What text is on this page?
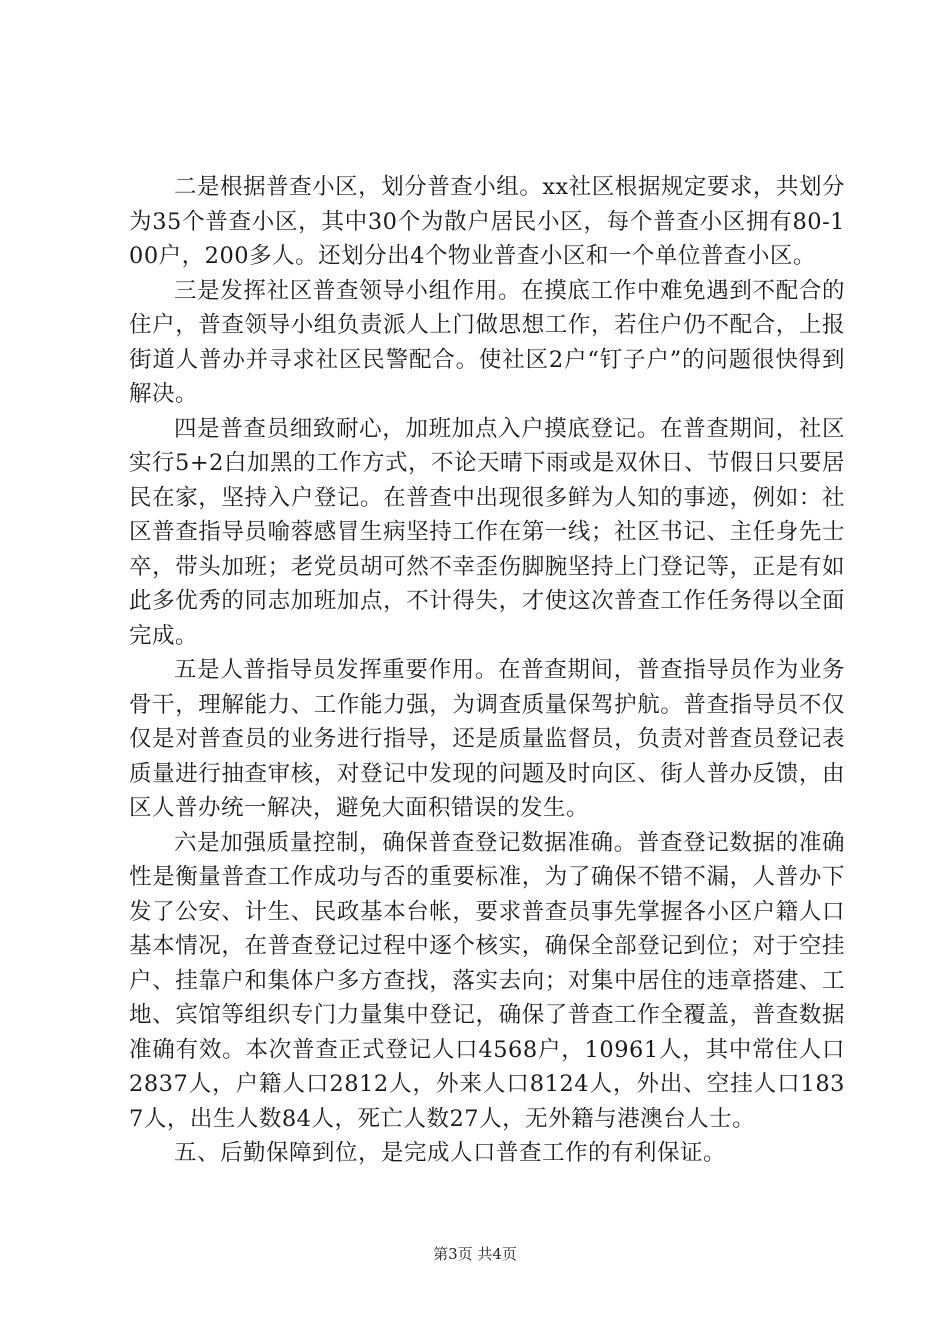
二是根据普查小区，划分普查小组。xx社区根据规定要求，共划分为35个普查小区，其中30个为散户居民小区，每个普查小区拥有80-100户，200多人。还划分出4个物业普查小区和一个单位普查小区。

三是发挥社区普查领导小组作用。在摸底工作中难免遇到不配合的住户，普查领导小组负责派人上门做思想工作，若住户仍不配合，上报街道人普办并寻求社区民警配合。使社区2户“钉子户”的问题很快得到解决。

四是普查员细致耐心，加班加点入户摸底登记。在普查期间，社区实行5+2白加黑的工作方式，不论天晴下雨或是双休日、节假日只要居民在家，坚持入户登记。在普查中出现很多鲜为人知的事迹，例如：社区普查指导员喻蓉感冒生病坚持工作在第一线；社区书记、主任身先士卒，带头加班；老党员胡可然不幸歪伤脚腕坚持上门登记等，正是有如此多优秀的同志加班加点，不计得失，才使这次普查工作任务得以全面完成。

五是人普指导员发挥重要作用。在普查期间，普查指导员作为业务骨干，理解能力、工作能力强，为调查质量保驾护航。普查指导员不仅仅是对普查员的业务进行指导，还是质量监督员，负责对普查员登记表质量进行抽查审核，对登记中发现的问题及时向区、街人普办反馈，由区人普办统一解决，避免大面积错误的发生。

六是加强质量控制，确保普查登记数据准确。普查登记数据的准确性是衡量普查工作成功与否的重要标准，为了确保不错不漏，人普办下发了公安、计生、民政基本台帐，要求普查员事先掌握各小区户籍人口基本情况，在普查登记过程中逐个核实，确保全部登记到位；对于空挂户、挂靠户和集体户多方查找，落实去向；对集中居住的违章搭建、工地、宾馆等组织专门力量集中登记，确保了普查工作全覆盖，普查数据准确有效。本次普查正式登记人口4568户，10961人，其中常住人口2837人，户籍人口2812人，外来人口8124人，外出、空挂人口1837人，出生人数84人，死亡人数27人，无外籍与港澳台人士。

五、后勤保障到位，是完成人口普查工作的有利保证。

第3页 共4页
